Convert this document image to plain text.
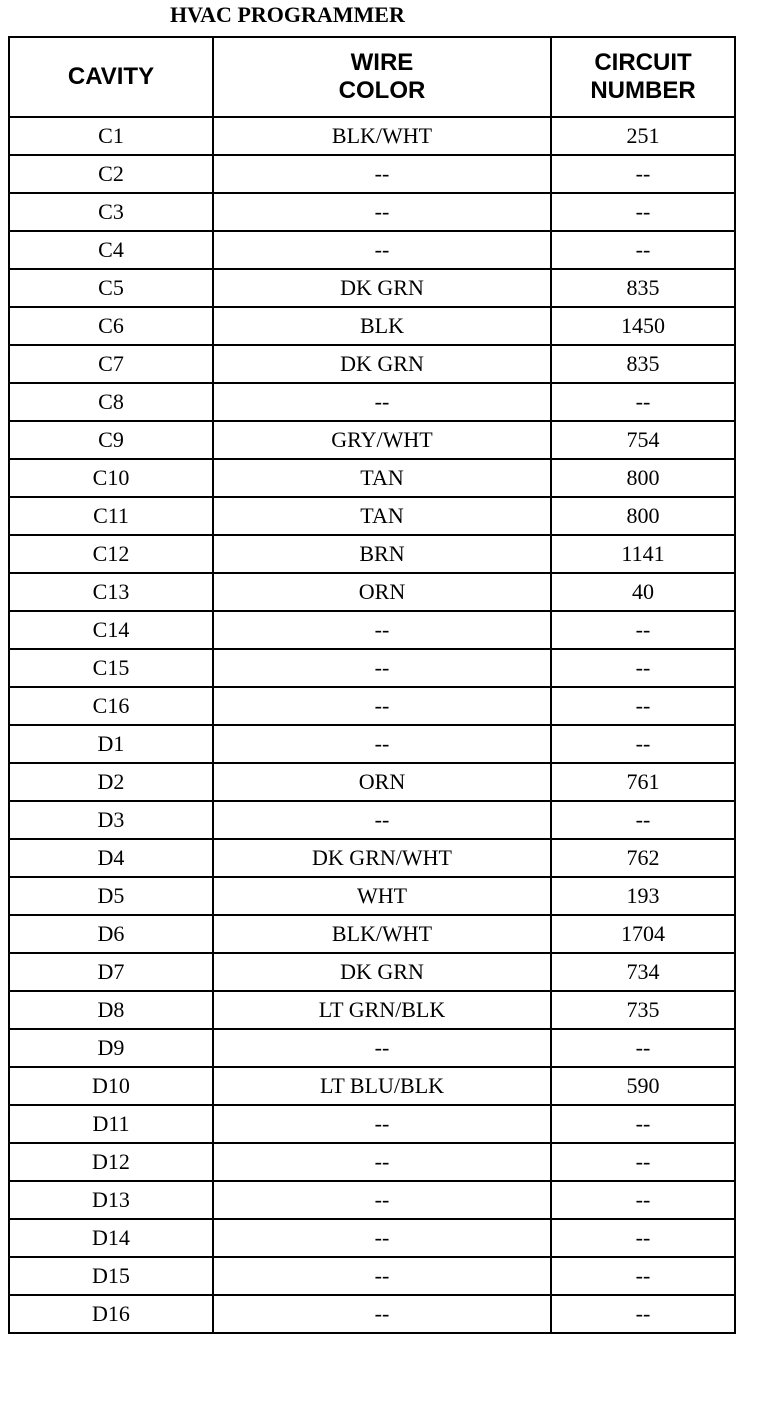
HVAC PROGRAMMER
CAVITY	WIRE COLOR	CIRCUIT NUMBER
C1	BLK/WHT	251
C2	--	--
C3	--	--
C4	--	--
C5	DK GRN	835
C6	BLK	1450
C7	DK GRN	835
C8	--	--
C9	GRY/WHT	754
C10	TAN	800
C11	TAN	800
C12	BRN	1141
C13	ORN	40
C14	--	--
C15	--	--
C16	--	--
D1	--	--
D2	ORN	761
D3	--	--
D4	DK GRN/WHT	762
D5	WHT	193
D6	BLK/WHT	1704
D7	DK GRN	734
D8	LT GRN/BLK	735
D9	--	--
D10	LT BLU/BLK	590
D11	--	--
D12	--	--
D13	--	--
D14	--	--
D15	--	--
D16	--	--
